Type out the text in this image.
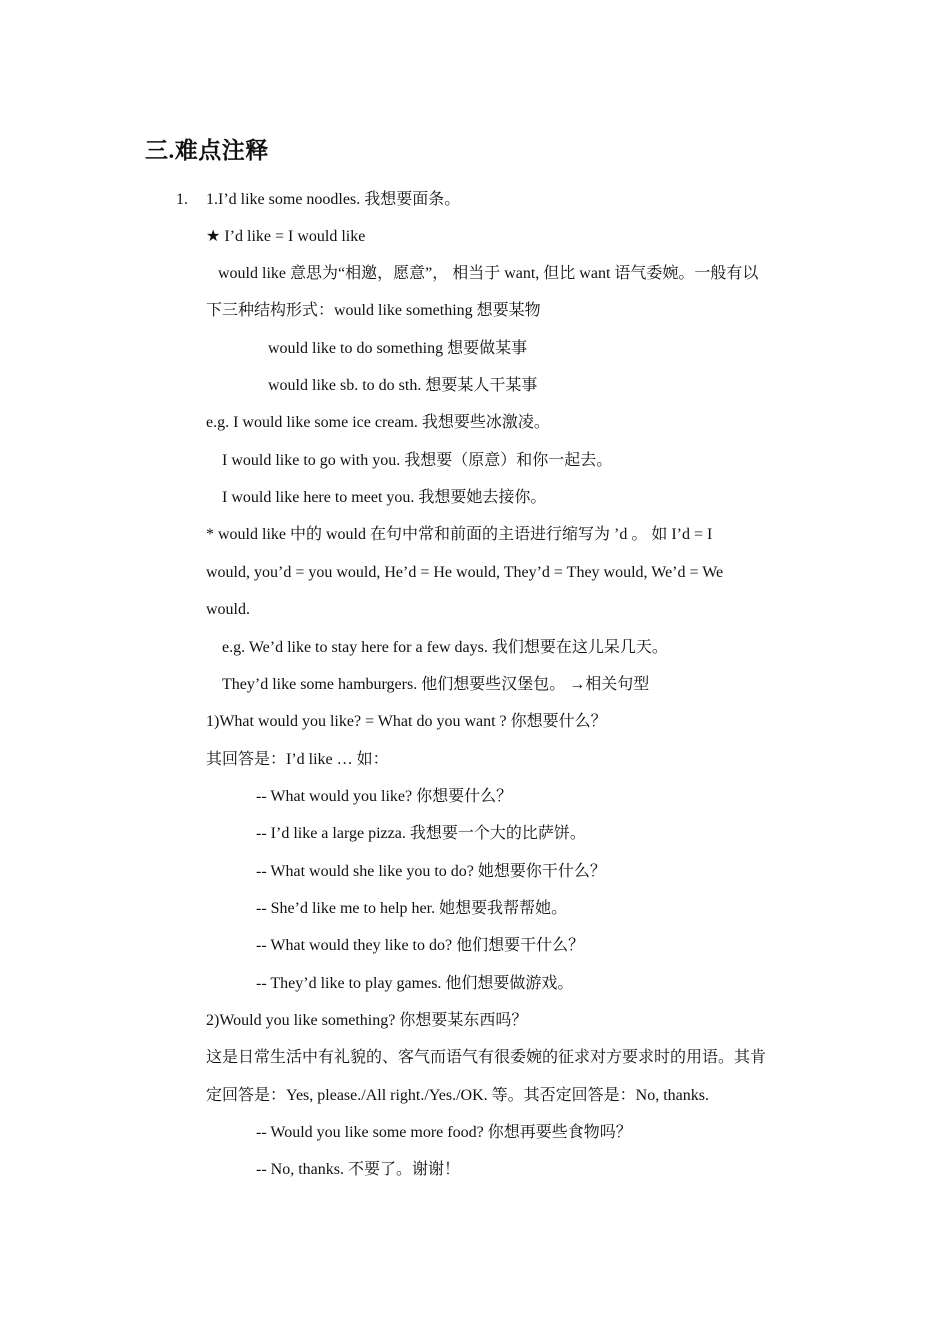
三.难点注释
1. 1.I’d like some noodles. 我想要面条。
★ I’d like = I would like
would like 意思为“相邀，愿意”， 相当于 want, 但比 want 语气委婉。一般有以
下三种结构形式：would like something 想要某物
would like to do something 想要做某事
would like sb. to do sth. 想要某人干某事
e.g. I would like some ice cream. 我想要些冰激凌。
I would like to go with you. 我想要（原意）和你一起去。
I would like here to meet you. 我想要她去接你。
* would like 中的 would 在句中常和前面的主语进行缩写为 ’d 。 如 I’d = I
would, you’d = you would, He’d = He would, They’d = They would, We’d = We
would.
e.g. We’d like to stay here for a few days. 我们想要在这儿呆几天。
They’d like some hamburgers. 他们想要些汉堡包。 →相关句型
1)What would you like? = What do you want ? 你想要什么？
其回答是：I’d like … 如：
-- What would you like? 你想要什么？
-- I’d like a large pizza. 我想要一个大的比萨饼。
-- What would she like you to do? 她想要你干什么？
-- She’d like me to help her. 她想要我帮帮她。
-- What would they like to do? 他们想要干什么？
-- They’d like to play games. 他们想要做游戏。
2)Would you like something? 你想要某东西吗？
这是日常生活中有礼貌的、客气而语气有很委婉的征求对方要求时的用语。其肯
定回答是：Yes, please./All right./Yes./OK. 等。其否定回答是：No, thanks.
-- Would you like some more food? 你想再要些食物吗？
-- No, thanks. 不要了。谢谢！
